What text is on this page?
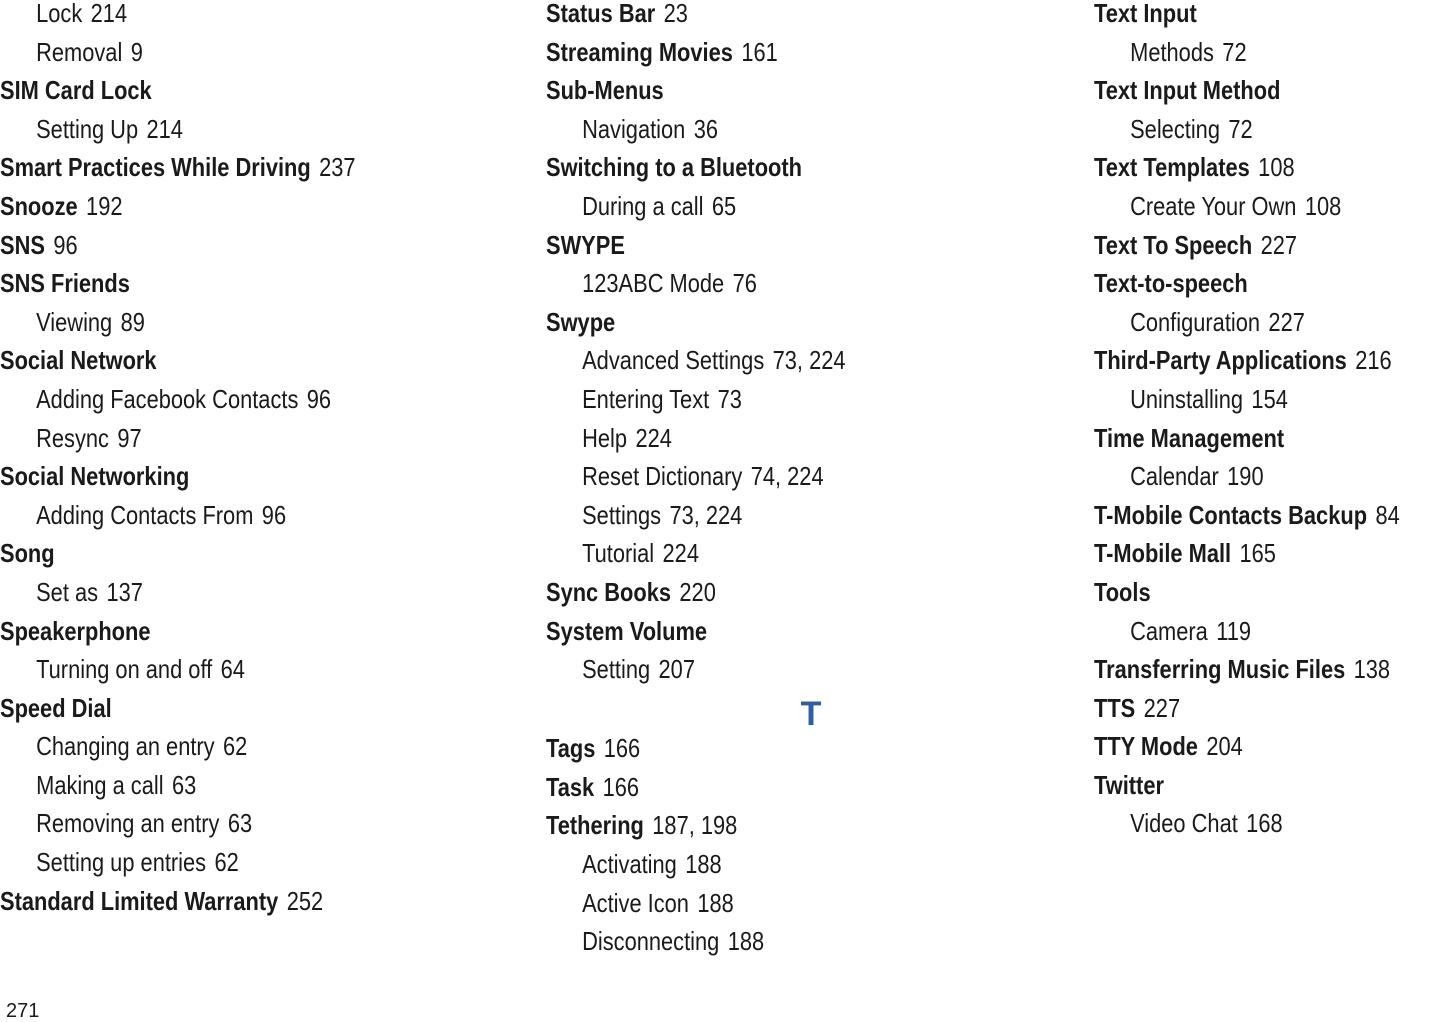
Lock 214
Removal 9
SIM Card Lock
Setting Up 214
Smart Practices While Driving 237
Snooze 192
SNS 96
SNS Friends
Viewing 89
Social Network
Adding Facebook Contacts 96
Resync 97
Social Networking
Adding Contacts From 96
Song
Set as 137
Speakerphone
Turning on and off 64
Speed Dial
Changing an entry 62
Making a call 63
Removing an entry 63
Setting up entries 62
Standard Limited Warranty 252
Status Bar 23
Streaming Movies 161
Sub-Menus
Navigation 36
Switching to a Bluetooth
During a call 65
SWYPE
123ABC Mode 76
Swype
Advanced Settings 73, 224
Entering Text 73
Help 224
Reset Dictionary 74, 224
Settings 73, 224
Tutorial 224
Sync Books 220
System Volume
Setting 207
T
Tags 166
Task 166
Tethering 187, 198
Activating 188
Active Icon 188
Disconnecting 188
Text Input
Methods 72
Text Input Method
Selecting 72
Text Templates 108
Create Your Own 108
Text To Speech 227
Text-to-speech
Configuration 227
Third-Party Applications 216
Uninstalling 154
Time Management
Calendar 190
T-Mobile Contacts Backup 84
T-Mobile Mall 165
Tools
Camera 119
Transferring Music Files 138
TTS 227
TTY Mode 204
Twitter
Video Chat 168
271
